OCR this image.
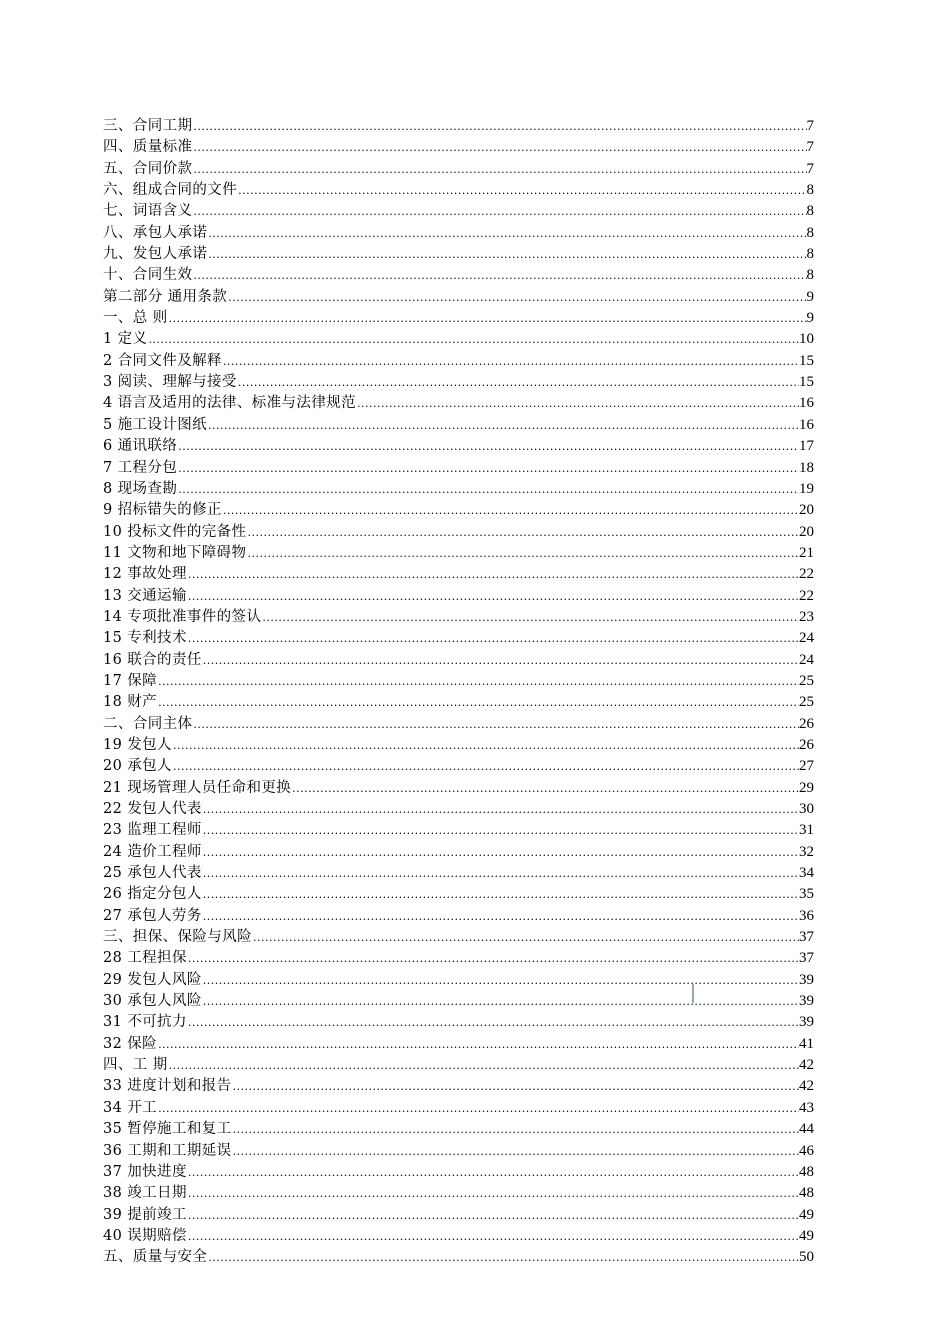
三、合同工期 .....	7
四、质量标准 .....	7
五、合同价款 .....	7
六、组成合同的文件 .....	8
七、词语含义 .....	8
八、承包人承诺 .....	8
九、发包人承诺 .....	8
十、合同生效 .....	8
第二部分 通用条款 .....	9
一、总 则 .....	9
1 定义 .....	10
2 合同文件及解释 .....	15
3 阅读、理解与接受 .....	15
4 语言及适用的法律、标准与法律规范 .....	16
5 施工设计图纸 .....	16
6 通讯联络 .....	17
7 工程分包 .....	18
8 现场查勘 .....	19
9 招标错失的修正 .....	20
10 投标文件的完备性 .....	20
11 文物和地下障碍物 .....	21
12 事故处理 .....	22
13 交通运输 .....	22
14 专项批准事件的签认 .....	23
15 专利技术 .....	24
16 联合的责任 .....	24
17 保障 .....	25
18 财产 .....	25
二、合同主体 .....	26
19 发包人 .....	26
20 承包人 .....	27
21 现场管理人员任命和更换 .....	29
22 发包人代表 .....	30
23 监理工程师 .....	31
24 造价工程师 .....	32
25 承包人代表 .....	34
26 指定分包人 .....	35
27 承包人劳务 .....	36
三、担保、保险与风险 .....	37
28 工程担保 .....	37
29 发包人风险 .....	39
30 承包人风险 .....	39
31 不可抗力 .....	39
32 保险 .....	41
四、工 期 .....	42
33 进度计划和报告 .....	42
34 开工 .....	43
35 暂停施工和复工 .....	44
36 工期和工期延误 .....	46
37 加快进度 .....	48
38 竣工日期 .....	48
39 提前竣工 .....	49
40 误期赔偿 .....	49
五、质量与安全 .....	50
